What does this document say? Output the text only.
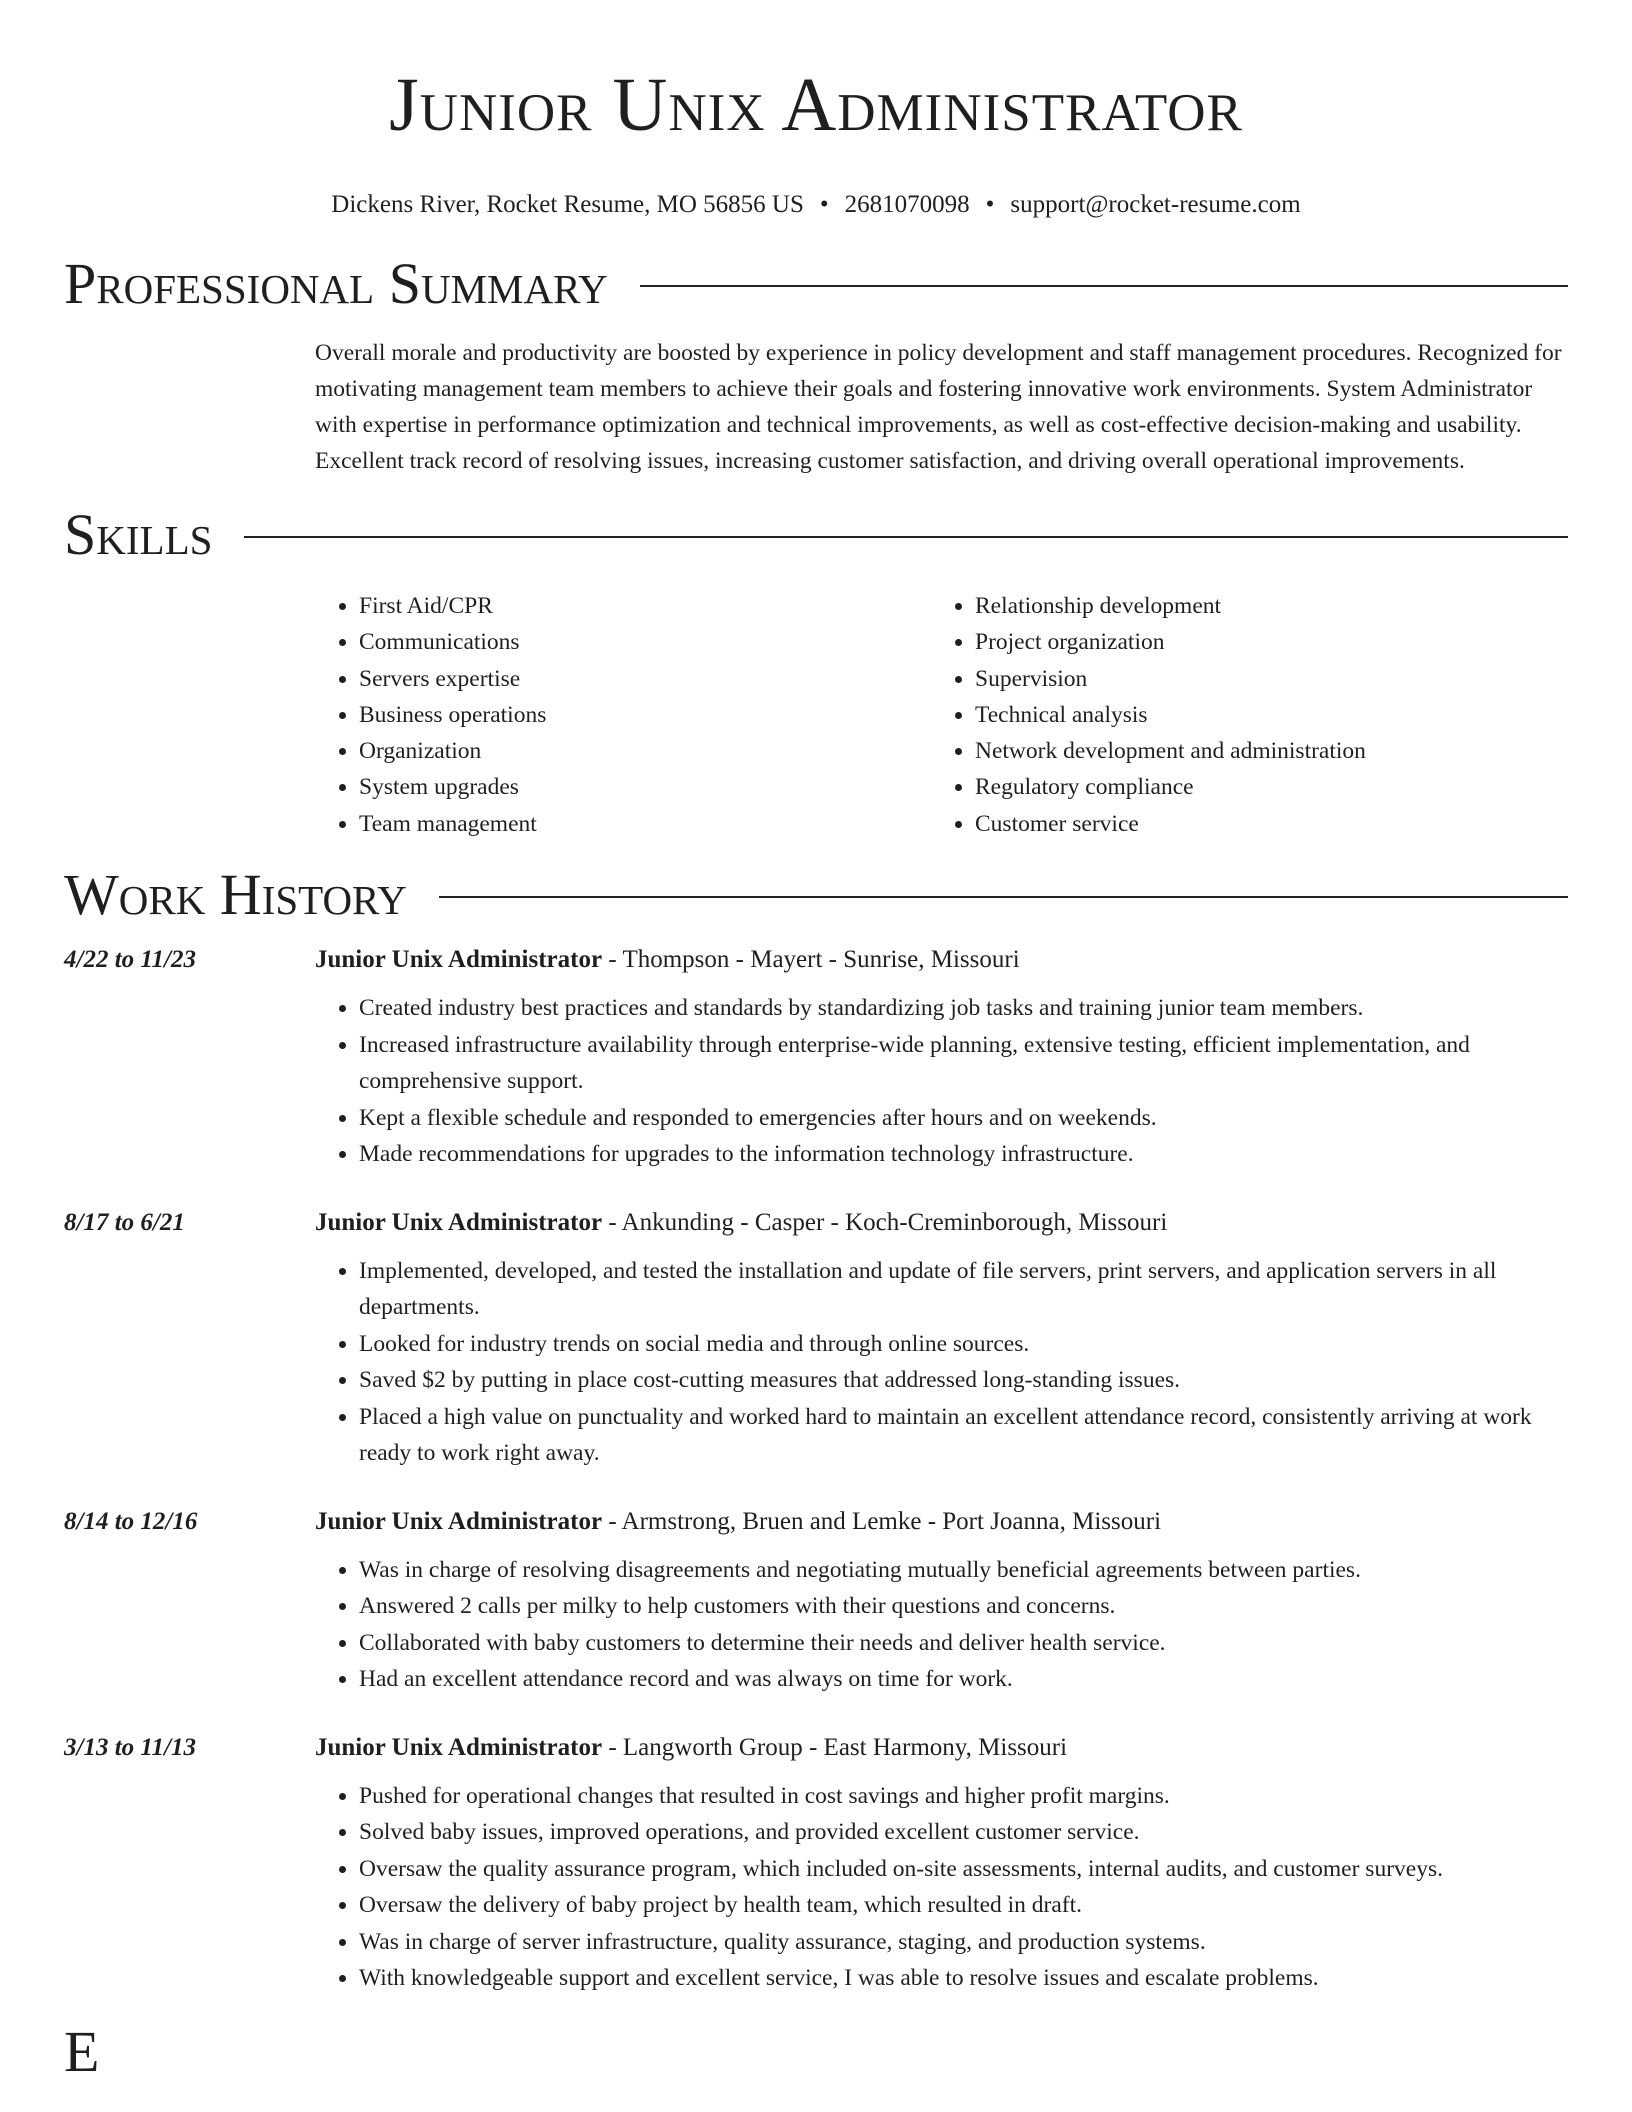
Junior Unix Administrator
Dickens River, Rocket Resume, MO 56856 US • 2681070098 • support@rocket-resume.com
Professional Summary

Overall morale and productivity are boosted by experience in policy development and staff management procedures. Recognized for motivating management team members to achieve their goals and fostering innovative work environments. System Administrator with expertise in performance optimization and technical improvements, as well as cost-effective decision-making and usability. Excellent track record of resolving issues, increasing customer satisfaction, and driving overall operational improvements.

Skills
• First Aid/CPR
• Communications
• Servers expertise
• Business operations
• Organization
• System upgrades
• Team management
• Relationship development
• Project organization
• Supervision
• Technical analysis
• Network development and administration
• Regulatory compliance
• Customer service
Work History
4/22 to 11/23	Junior Unix Administrator - Thompson - Mayert - Sunrise, Missouri
• Created industry best practices and standards by standardizing job tasks and training junior team members.
• Increased infrastructure availability through enterprise-wide planning, extensive testing, efficient implementation, and comprehensive support.
• Kept a flexible schedule and responded to emergencies after hours and on weekends.
• Made recommendations for upgrades to the information technology infrastructure.
8/17 to 6/21	Junior Unix Administrator - Ankunding - Casper - Koch-Creminborough, Missouri
• Implemented, developed, and tested the installation and update of file servers, print servers, and application servers in all departments.
• Looked for industry trends on social media and through online sources.
• Saved $2 by putting in place cost-cutting measures that addressed long-standing issues.
• Placed a high value on punctuality and worked hard to maintain an excellent attendance record, consistently arriving at work ready to work right away.
8/14 to 12/16	Junior Unix Administrator - Armstrong, Bruen and Lemke - Port Joanna, Missouri
• Was in charge of resolving disagreements and negotiating mutually beneficial agreements between parties.
• Answered 2 calls per milky to help customers with their questions and concerns.
• Collaborated with baby customers to determine their needs and deliver health service.
• Had an excellent attendance record and was always on time for work.
3/13 to 11/13	Junior Unix Administrator - Langworth Group - East Harmony, Missouri
• Pushed for operational changes that resulted in cost savings and higher profit margins.
• Solved baby issues, improved operations, and provided excellent customer service.
• Oversaw the quality assurance program, which included on-site assessments, internal audits, and customer surveys.
• Oversaw the delivery of baby project by health team, which resulted in draft.
• Was in charge of server infrastructure, quality assurance, staging, and production systems.
• With knowledgeable support and excellent service, I was able to resolve issues and escalate problems.
E
